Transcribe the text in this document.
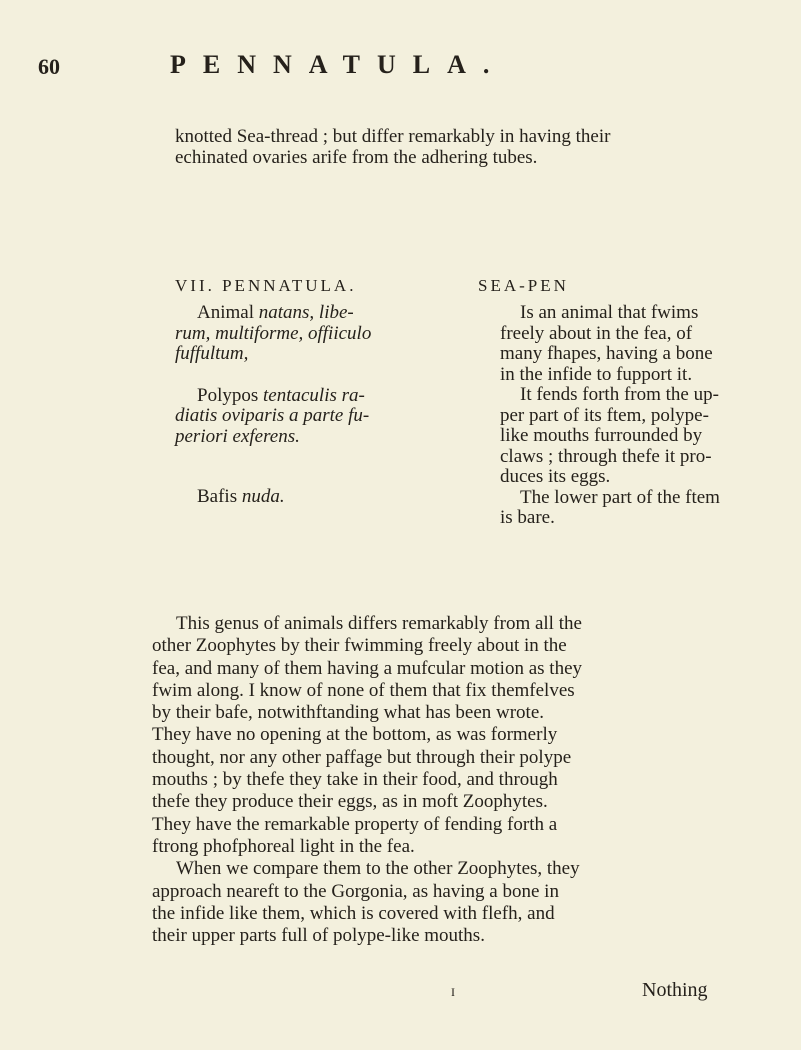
60	PENNATULA.
knotted Sea-thread ; but differ remarkably in having their
echinated ovaries arife from the adhering tubes.
VII. PENNATULA.	SEA-PEN
Animal natans, libe-
rum, multiforme, offiiculo
fuffultum,
Polypos tentaculis ra-
diatis oviparis a parte fu-
periori exferens.
Bafis nuda.
Is an animal that fwims
freely about in the fea, of
many fhapes, having a bone
in the infide to fupport it.
It fends forth from the up-
per part of its ftem, polype-
like mouths furrounded by
claws ; through thefe it pro-
duces its eggs.
The lower part of the ftem
is bare.
This genus of animals differs remarkably from all the
other Zoophytes by their fwimming freely about in the
fea, and many of them having a mufcular motion as they
fwim along. I know of none of them that fix themfelves
by their bafe, notwithftanding what has been wrote.
They have no opening at the bottom, as was formerly
thought, nor any other paffage but through their polype
mouths ; by thefe they take in their food, and through
thefe they produce their eggs, as in moft Zoophytes.
They have the remarkable property of fending forth a
ftrong phofphoreal light in the fea.
When we compare them to the other Zoophytes, they
approach neareft to the Gorgonia, as having a bone in
the infide like them, which is covered with flefh, and
their upper parts full of polype-like mouths.
I	Nothing
